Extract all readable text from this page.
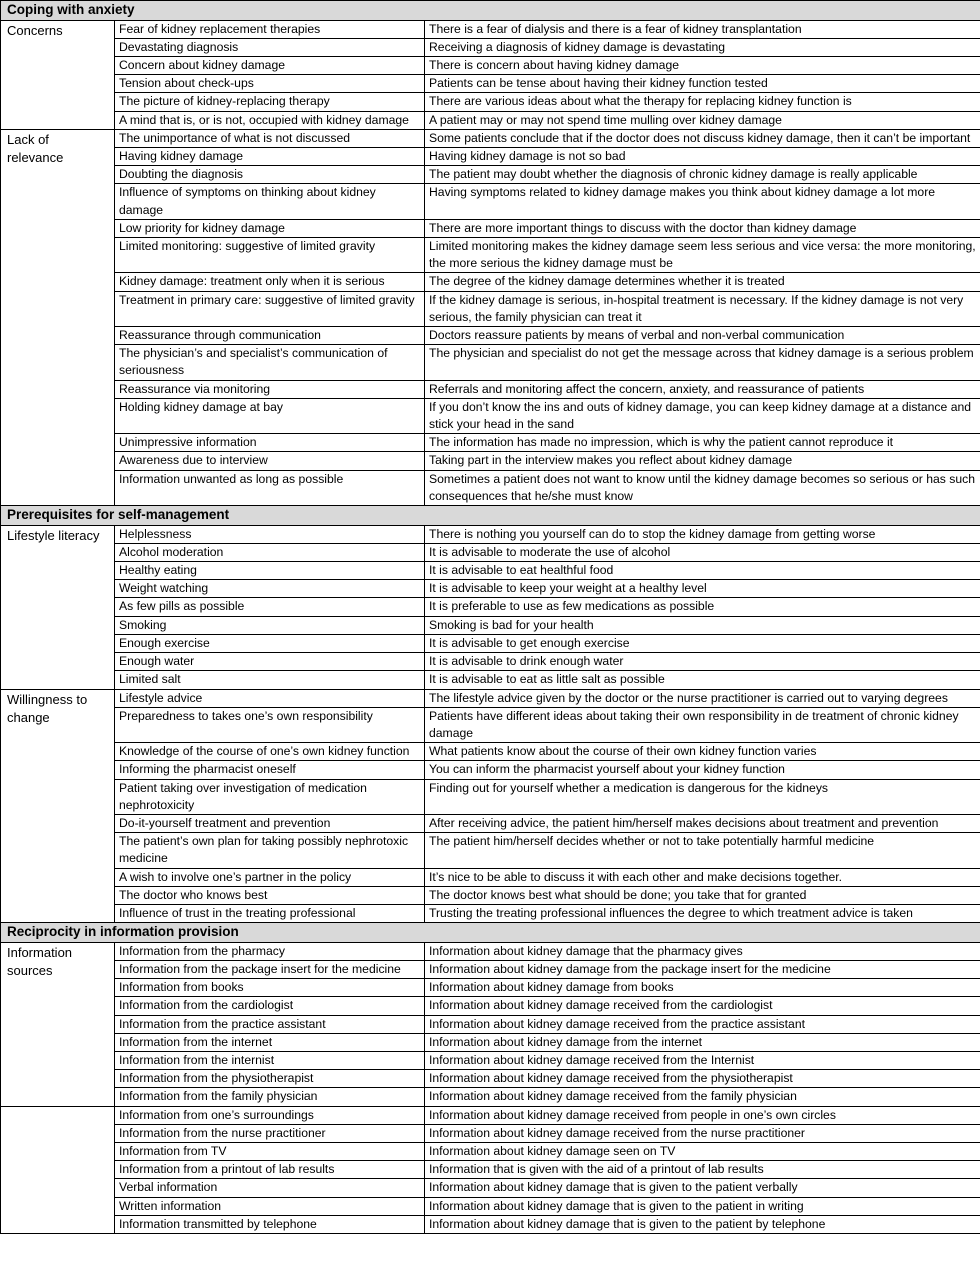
Coping with anxiety		
Concerns	Fear of kidney replacement therapies	There is a fear of dialysis and there is a fear of kidney transplantation
	Devastating diagnosis	Receiving a diagnosis of kidney damage is devastating
	Concern about kidney damage	There is concern about having kidney damage
	Tension about check-ups	Patients can be tense about having their kidney function tested
	The picture of kidney-replacing therapy	There are various ideas about what the therapy for replacing kidney function is
	A mind that is, or is not, occupied with kidney damage	A patient may or may not spend time mulling over kidney damage
Lack of relevance	The unimportance of what is not discussed	Some patients conclude that if the doctor does not discuss kidney damage, then it can’t be important
	Having kidney damage	Having kidney damage is not so bad
	Doubting the diagnosis	The patient may doubt whether the diagnosis of chronic kidney damage is really applicable
	Influence of symptoms on thinking about kidney damage	Having symptoms related to kidney damage makes you think about kidney damage a lot more
	Low priority for kidney damage	There are more important things to discuss with the doctor than kidney damage
	Limited monitoring: suggestive of limited gravity	Limited monitoring makes the kidney damage seem less serious and vice versa: the more monitoring, the more serious the kidney damage must be
	Kidney damage: treatment only when it is serious	The degree of the kidney damage determines whether it is treated
	Treatment in primary care: suggestive of limited gravity	If the kidney damage is serious, in-hospital treatment is necessary. If the kidney damage is not very serious, the family physician can treat it
	Reassurance through communication	Doctors reassure patients by means of verbal and non-verbal communication
	The physician’s and specialist’s communication of seriousness	The physician and specialist do not get the message across that kidney damage is a serious problem
	Reassurance via monitoring	Referrals and monitoring affect the concern, anxiety, and reassurance of patients
	Holding kidney damage at bay	If you don’t know the ins and outs of kidney damage, you can keep kidney damage at a distance and stick your head in the sand
	Unimpressive information	The information has made no impression, which is why the patient cannot reproduce it
	Awareness due to interview	Taking part in the interview makes you reflect about kidney damage
	Information unwanted as long as possible	Sometimes a patient does not want to know until the kidney damage becomes so serious or has such consequences that he/she must know
Prerequisites for self-management		
Lifestyle literacy	Helplessness	There is nothing you yourself can do to stop the kidney damage from getting worse
	Alcohol moderation	It is advisable to moderate the use of alcohol
	Healthy eating	It is advisable to eat healthful food
	Weight watching	It is advisable to keep your weight at a healthy level
	As few pills as possible	It is preferable to use as few medications as possible
	Smoking	Smoking is bad for your health
	Enough exercise	It is advisable to get enough exercise
	Enough water	It is advisable to drink enough water
	Limited salt	It is advisable to eat as little salt as possible
Willingness to change	Lifestyle advice	The lifestyle advice given by the doctor or the nurse practitioner is carried out to varying degrees
	Preparedness to takes one’s own responsibility	Patients have different ideas about taking their own responsibility in de treatment of chronic kidney damage
	Knowledge of the course of one’s own kidney function	What patients know about the course of their own kidney function varies
	Informing the pharmacist oneself	You can inform the pharmacist yourself about your kidney function
	Patient taking over investigation of medication nephrotoxicity	Finding out for yourself whether a medication is dangerous for the kidneys
	Do-it-yourself treatment and prevention	After receiving advice, the patient him/herself makes decisions about treatment and prevention
	The patient’s own plan for taking possibly nephrotoxic medicine	The patient him/herself decides whether or not to take potentially harmful medicine
	A wish to involve one’s partner in the policy	It’s nice to be able to discuss it with each other and make decisions together.
	The doctor who knows best	The doctor knows best what should be done; you take that for granted
	Influence of trust in the treating professional	Trusting the treating professional influences the degree to which treatment advice is taken
Reciprocity in information provision		
Information sources	Information from the pharmacy	Information about kidney damage that the pharmacy gives
	Information from the package insert for the medicine	Information about kidney damage from the package insert for the medicine
	Information from books	Information about kidney damage from books
	Information from the cardiologist	Information about kidney damage received from the cardiologist
	Information from the practice assistant	Information about kidney damage received from the practice assistant
	Information from the internet	Information about kidney damage from the internet
	Information from the internist	Information about kidney damage received from the Internist
	Information from the physiotherapist	Information about kidney damage received from the physiotherapist
	Information from the family physician	Information about kidney damage received from the family physician
	Information from one’s surroundings	Information about kidney damage received from people in one’s own circles
	Information from the nurse practitioner	Information about kidney damage received from the nurse practitioner
	Information from TV	Information about kidney damage seen on TV
	Information from a printout of lab results	Information that is given with the aid of a printout of lab results
	Verbal information	Information about kidney damage that is given to the patient verbally
	Written information	Information about kidney damage that is given to the patient in writing
	Information transmitted by telephone	Information about kidney damage that is given to the patient by telephone
